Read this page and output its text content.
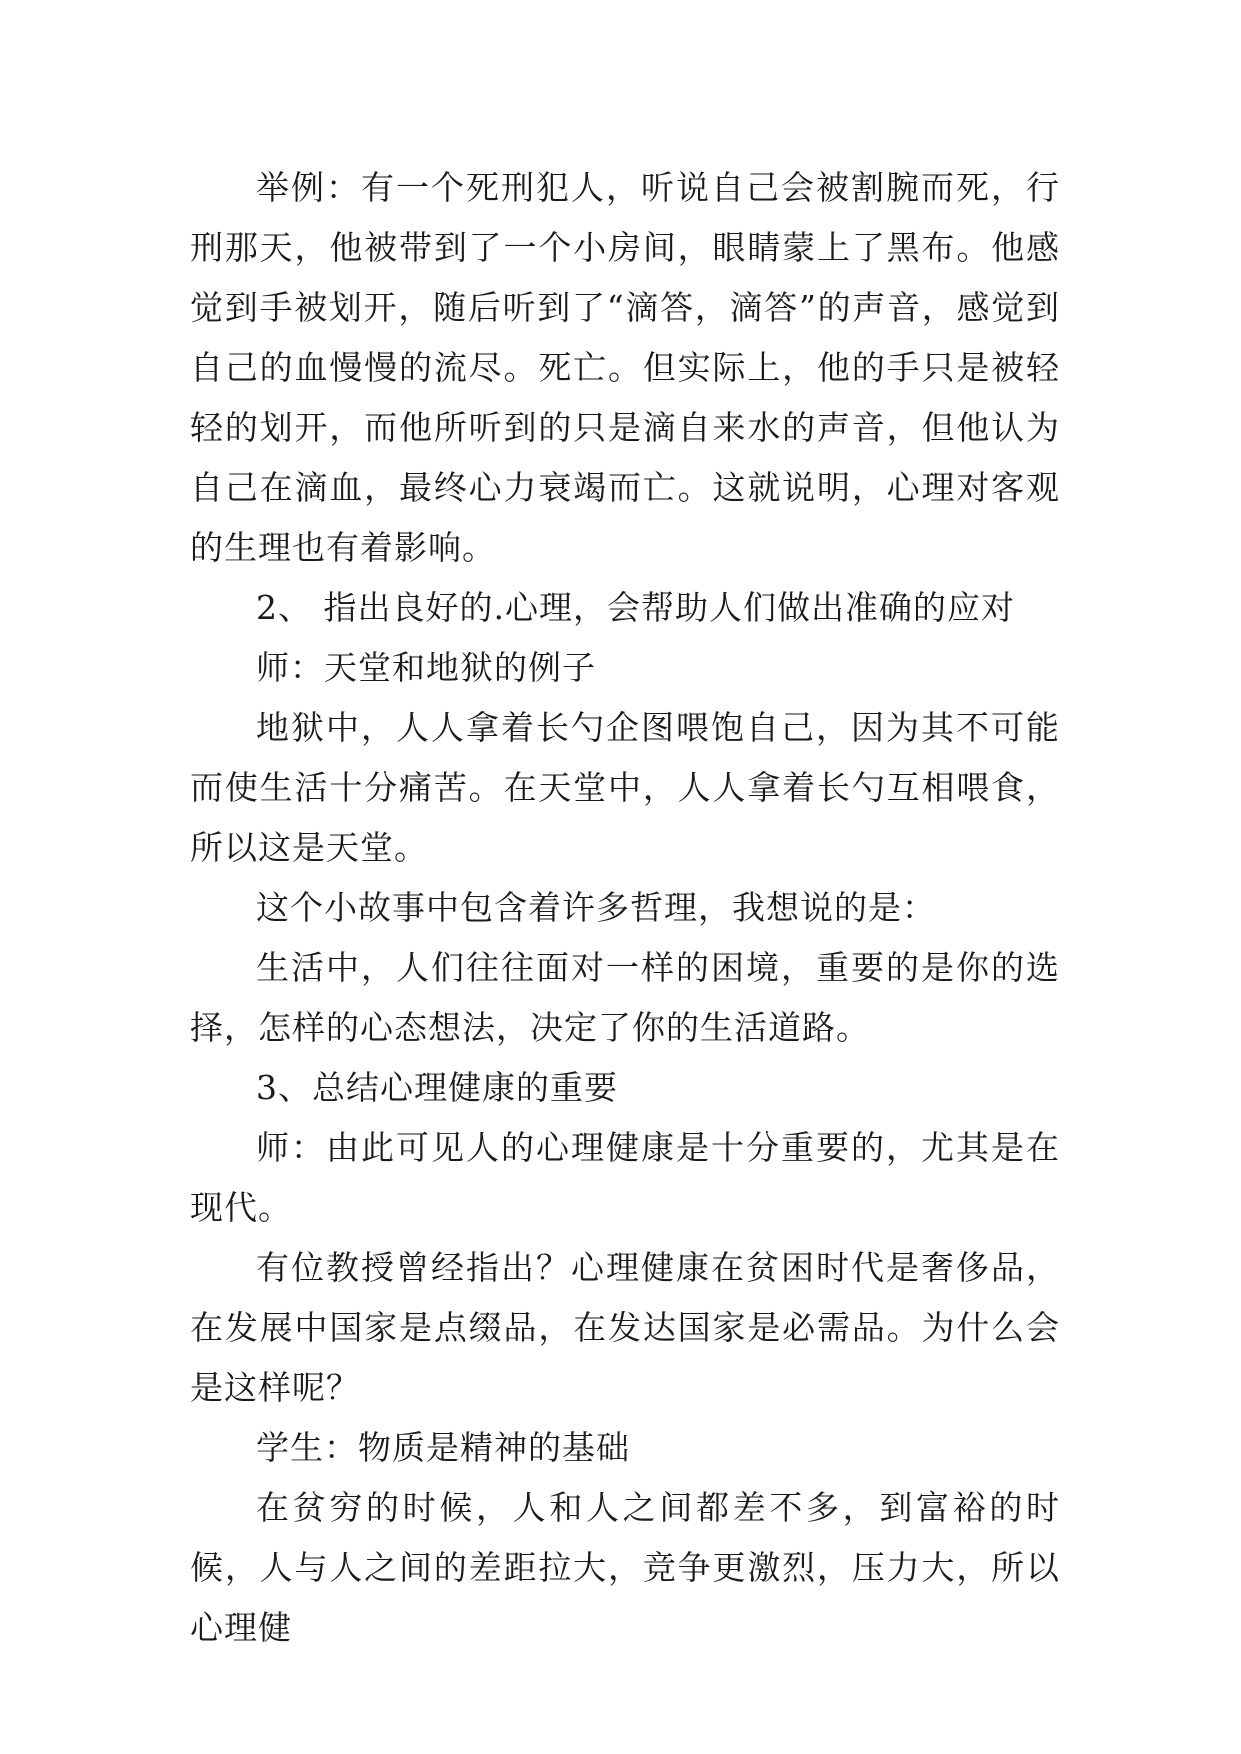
举例：有一个死刑犯人，听说自己会被割腕而死，行刑那天，他被带到了一个小房间，眼睛蒙上了黑布。他感觉到手被划开，随后听到了“滴答，滴答”的声音，感觉到自己的血慢慢的流尽。死亡。但实际上，他的手只是被轻轻的划开，而他所听到的只是滴自来水的声音，但他认为自己在滴血，最终心力衰竭而亡。这就说明，心理对客观的生理也有着影响。

2、 指出良好的.心理，会帮助人们做出准确的应对

师：天堂和地狱的例子

地狱中，人人拿着长勺企图喂饱自己，因为其不可能而使生活十分痛苦。在天堂中，人人拿着长勺互相喂食，所以这是天堂。

这个小故事中包含着许多哲理，我想说的是：

生活中，人们往往面对一样的困境，重要的是你的选择，怎样的心态想法，决定了你的生活道路。

3、总结心理健康的重要

师：由此可见人的心理健康是十分重要的，尤其是在现代。

有位教授曾经指出？心理健康在贫困时代是奢侈品，在发展中国家是点缀品，在发达国家是必需品。为什么会是这样呢？

学生：物质是精神的基础

在贫穷的时候，人和人之间都差不多，到富裕的时候，人与人之间的差距拉大，竞争更激烈，压力大，所以心理健
